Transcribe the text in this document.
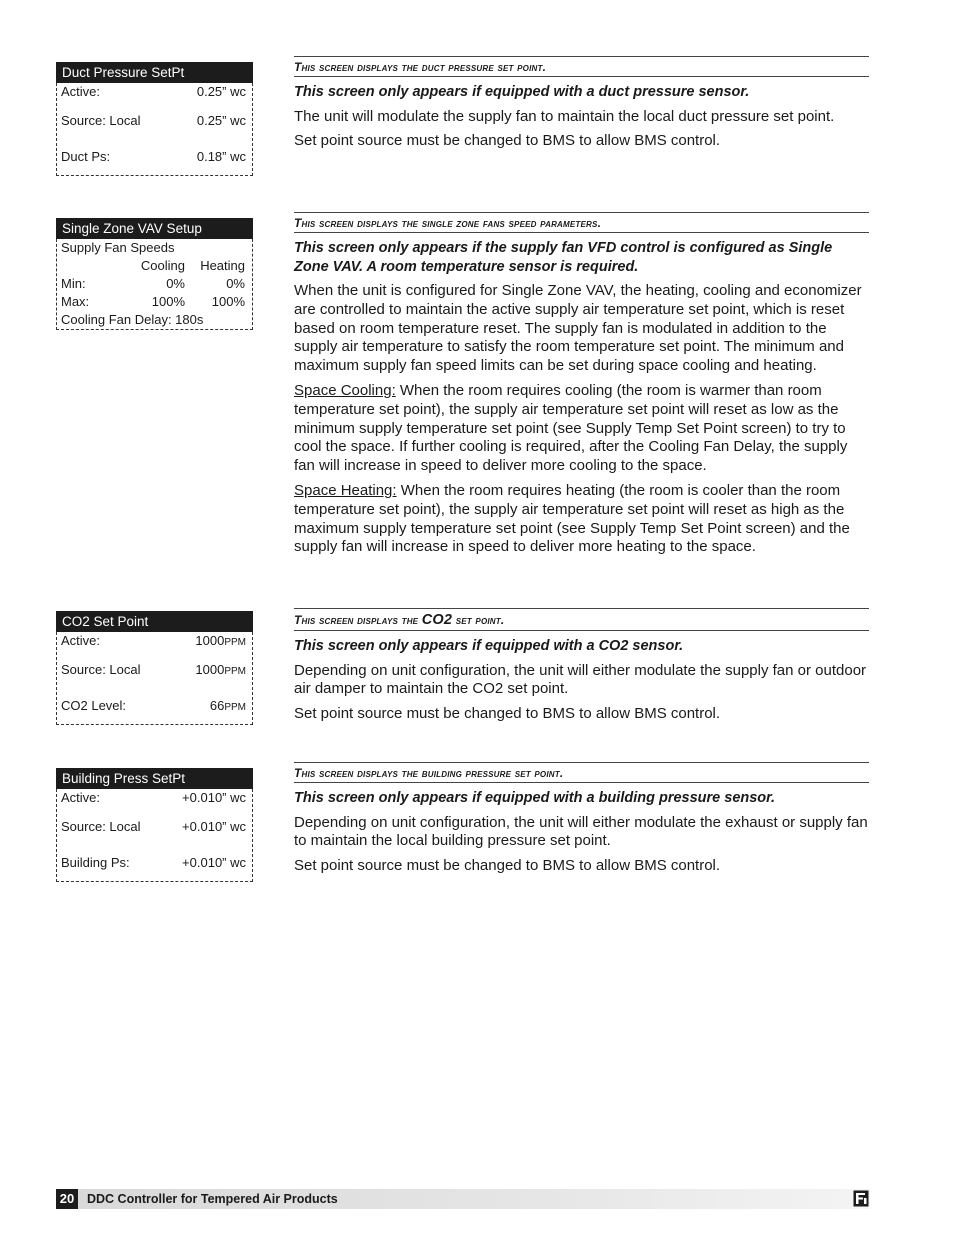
Duct Pressure SetPt
Active:	0.25” wc
Source: Local	0.25” wc
Duct Ps:	0.18” wc
This screen displays the duct pressure set point.
This screen only appears if equipped with a duct pressure sensor.

The unit will modulate the supply fan to maintain the local duct pressure set point.

Set point source must be changed to BMS to allow BMS control.

Single Zone VAV Setup
Supply Fan Speeds
Cooling	Heating
Min:	0%	0%
Max:	100%	100%
Cooling Fan Delay: 180s
This screen displays the single zone fans speed parameters.
This screen only appears if the supply fan VFD control is configured as Single Zone VAV. A room temperature sensor is required.

When the unit is configured for Single Zone VAV, the heating, cooling and economizer are controlled to maintain the active supply air temperature set point, which is reset based on room temperature reset. The supply fan is modulated in addition to the supply air temperature to satisfy the room temperature set point. The minimum and maximum supply fan speed limits can be set during space cooling and heating.

Space Cooling: When the room requires cooling (the room is warmer than room temperature set point), the supply air temperature set point will reset as low as the minimum supply temperature set point (see Supply Temp Set Point screen) to try to cool the space. If further cooling is required, after the Cooling Fan Delay, the supply fan will increase in speed to deliver more cooling to the space.

Space Heating: When the room requires heating (the room is cooler than the room temperature set point), the supply air temperature set point will reset as high as the maximum supply temperature set point (see Supply Temp Set Point screen) and the supply fan will increase in speed to deliver more heating to the space.

CO2 Set Point
Active:	1000PPM
Source: Local	1000PPM
CO2 Level:	66PPM
This screen displays the CO2 set point.
This screen only appears if equipped with a CO2 sensor.

Depending on unit configuration, the unit will either modulate the supply fan or outdoor air damper to maintain the CO2 set point.

Set point source must be changed to BMS to allow BMS control.

Building Press SetPt
Active:	+0.010” wc
Source: Local	+0.010” wc
Building Ps:	+0.010” wc
This screen displays the building pressure set point.
This screen only appears if equipped with a building pressure sensor.

Depending on unit configuration, the unit will either modulate the exhaust or supply fan to maintain the local building pressure set point.

Set point source must be changed to BMS to allow BMS control.

20	DDC Controller for Tempered Air Products
